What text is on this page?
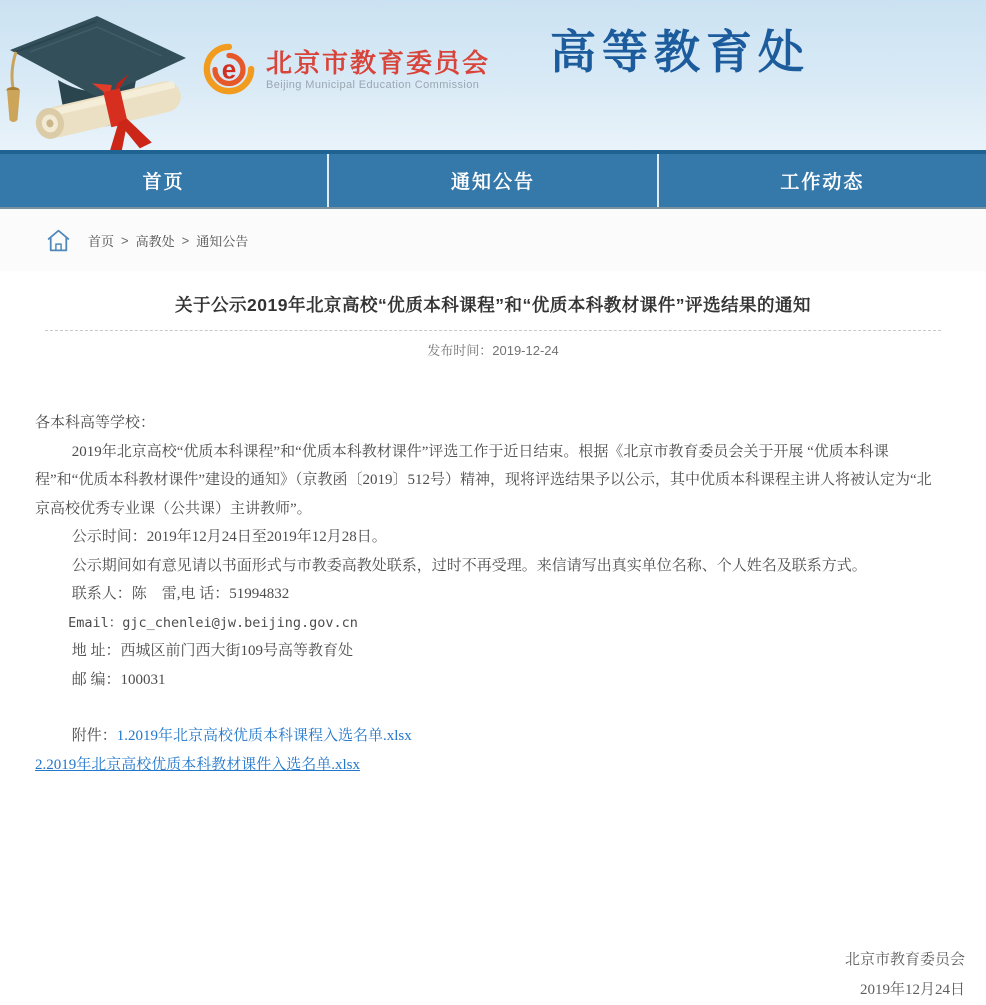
e 北京市教育委员会
Beijing Municipal Education Commission
高等教育处
首页	通知公告	工作动态
首页 > 高教处 > 通知公告
关于公示2019年北京高校“优质本科课程”和“优质本科教材课件”评选结果的通知
发布时间：2019-12-24

各本科高等学校：

2019年北京高校“优质本科课程”和“优质本科教材课件”评选工作于近日结束。根据《北京市教育委员会关于开展 “优质本科课程”和“优质本科教材课件”建设的通知》（京教函〔2019〕512号）精神，现将评选结果予以公示，其中优质本科课程主讲人将被认定为“北京高校优秀专业课（公共课）主讲教师”。

公示时间：2019年12月24日至2019年12月28日。

公示期间如有意见请以书面形式与市教委高教处联系，过时不再受理。来信请写出真实单位名称、个人姓名及联系方式。

联系人：陈　雷,电 话：51994832

Email：gjc_chenlei@jw.beijing.gov.cn

地 址：西城区前门西大街109号高等教育处

邮 编：100031

附件：1.2019年北京高校优质本科课程入选名单.xlsx

2.2019年北京高校优质本科教材课件入选名单.xlsx

北京市教育委员会
2019年12月24日
